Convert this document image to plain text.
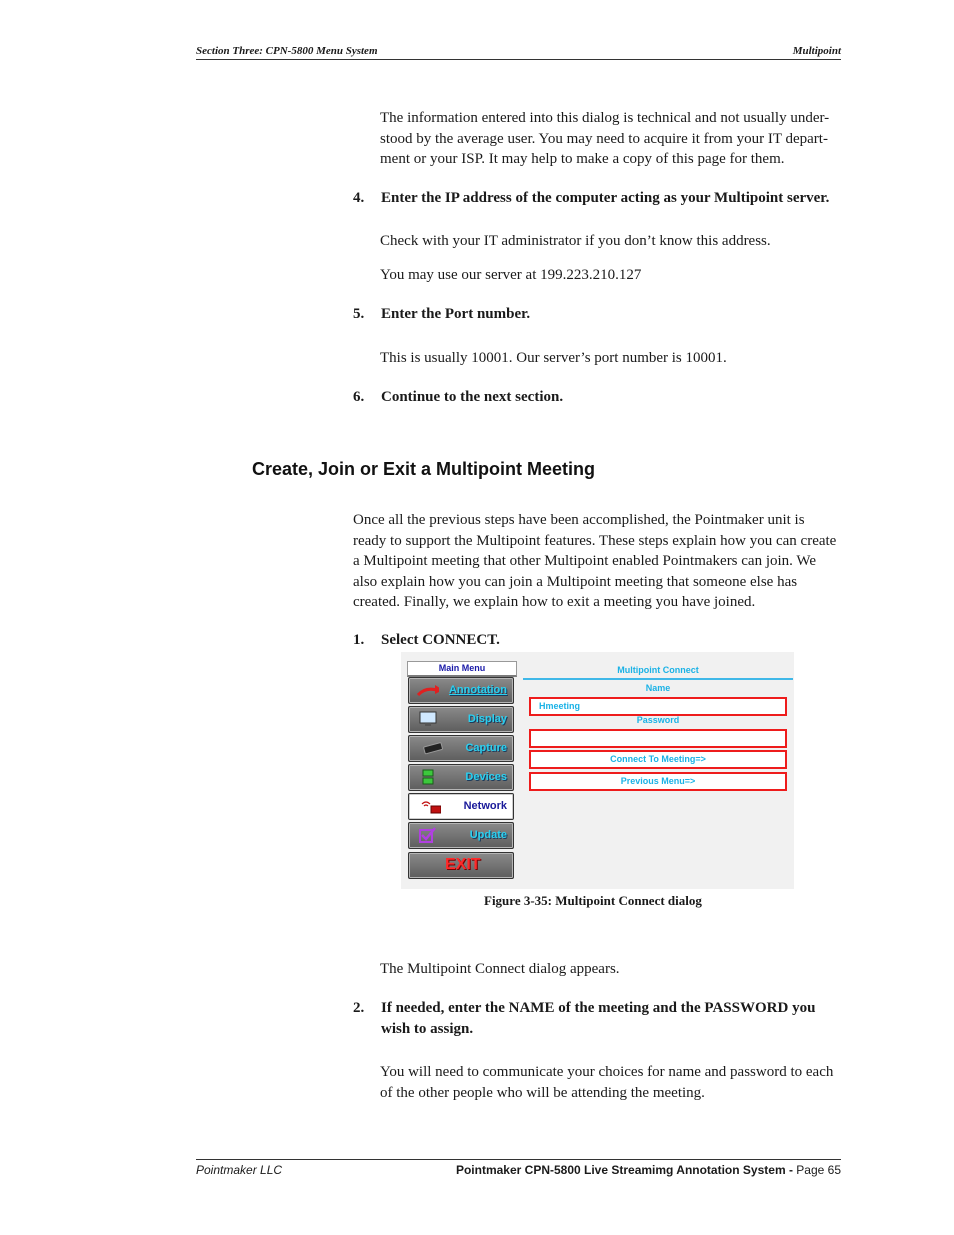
Section Three: CPN-5800 Menu System	Multipoint

The information entered into this dialog is technical and not usually under-stood by the average user. You may need to acquire it from your IT depart-ment or your ISP. It may help to make a copy of this page for them.

4. Enter the IP address of the computer acting as your Multipoint server.

Check with your IT administrator if you don’t know this address.

You may use our server at 199.223.210.127

5. Enter the Port number.

This is usually 10001. Our server’s port number is 10001.

6. Continue to the next section.
Create, Join or Exit a Multipoint Meeting

Once all the previous steps have been accomplished, the Pointmaker unit is ready to support the Multipoint features. These steps explain how you can create a Multipoint meeting that other Multipoint enabled Pointmakers can join. We also explain how you can join a Multipoint meeting that someone else has created. Finally, we explain how to exit a meeting you have joined.

1. Select CONNECT.
Main Menu
Annotation
Display
Capture
Devices
Network
Update
EXIT
Multipoint Connect
Name
Hmeeting
Password
Connect To Meeting=>
Previous Menu=>
Figure 3-35: Multipoint Connect dialog

The Multipoint Connect dialog appears.

2. If needed, enter the NAME of the meeting and the PASSWORD you wish to assign.

You will need to communicate your choices for name and password to each of the other people who will be attending the meeting.

Pointmaker LLC	Pointmaker CPN-5800 Live Streamimg Annotation System - Page 65
